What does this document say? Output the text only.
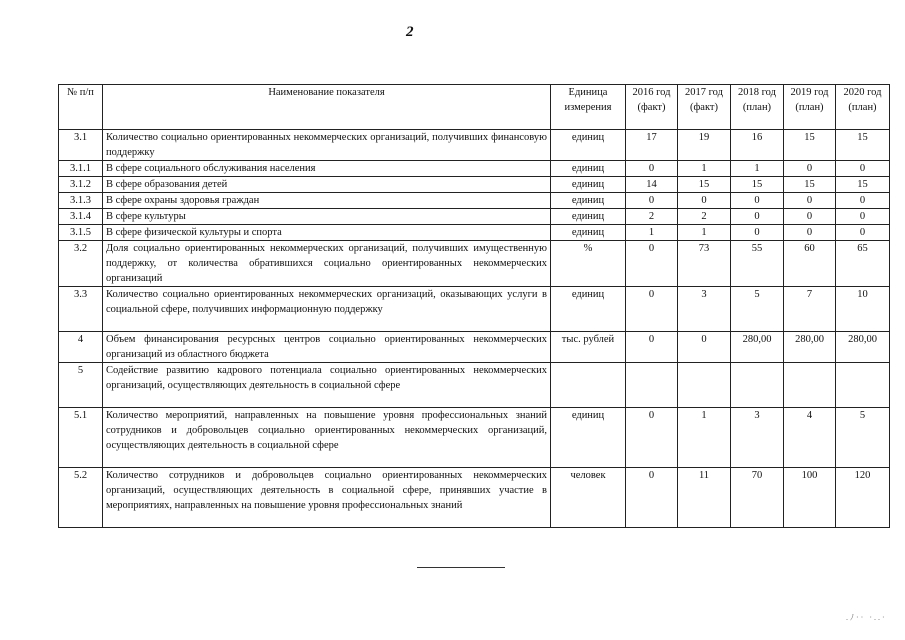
2
№ п/п	Наименование показателя	Единица измерения	2016 год (факт)	2017 год (факт)	2018 год (план)	2019 год (план)	2020 год (план)
3.1	Количество социально ориентированных некоммерческих организаций, получивших финансовую поддержку	единиц	17	19	16	15	15
3.1.1	В сфере социального обслуживания населения	единиц	0	1	1	0	0
3.1.2	В сфере образования детей	единиц	14	15	15	15	15
3.1.3	В сфере охраны здоровья граждан	единиц	0	0	0	0	0
3.1.4	В сфере культуры	единиц	2	2	0	0	0
3.1.5	В сфере физической культуры и спорта	единиц	1	1	0	0	0
3.2	Доля социально ориентированных некоммерческих организаций, получивших имущественную поддержку, от количества обратившихся социально ориентированных некоммерческих организаций	%	0	73	55	60	65
3.3	Количество социально ориентированных некоммерческих организаций, оказывающих услуги в социальной сфере, получивших информационную поддержку	единиц	0	3	5	7	10
4	Объем финансирования ресурсных центров социально ориентированных некоммерческих организаций из областного бюджета	тыс. рублей	0	0	280,00	280,00	280,00
5	Содействие развитию кадрового потенциала социально ориентированных некоммерческих организаций, осуществляющих деятельность в социальной сфере						
5.1	Количество мероприятий, направленных на повышение уровня профессиональных знаний сотрудников и добровольцев социально ориентированных некоммерческих организаций, осуществляющих деятельность в социальной сфере	единиц	0	1	3	4	5
5.2	Количество сотрудников и добровольцев социально ориентированных некоммерческих организаций, осуществляющих деятельность в социальной сфере, принявших участие в мероприятиях, направленных на повышение уровня профессиональных знаний	человек	0	11	70	100	120
.ﾉ·· ·..·
